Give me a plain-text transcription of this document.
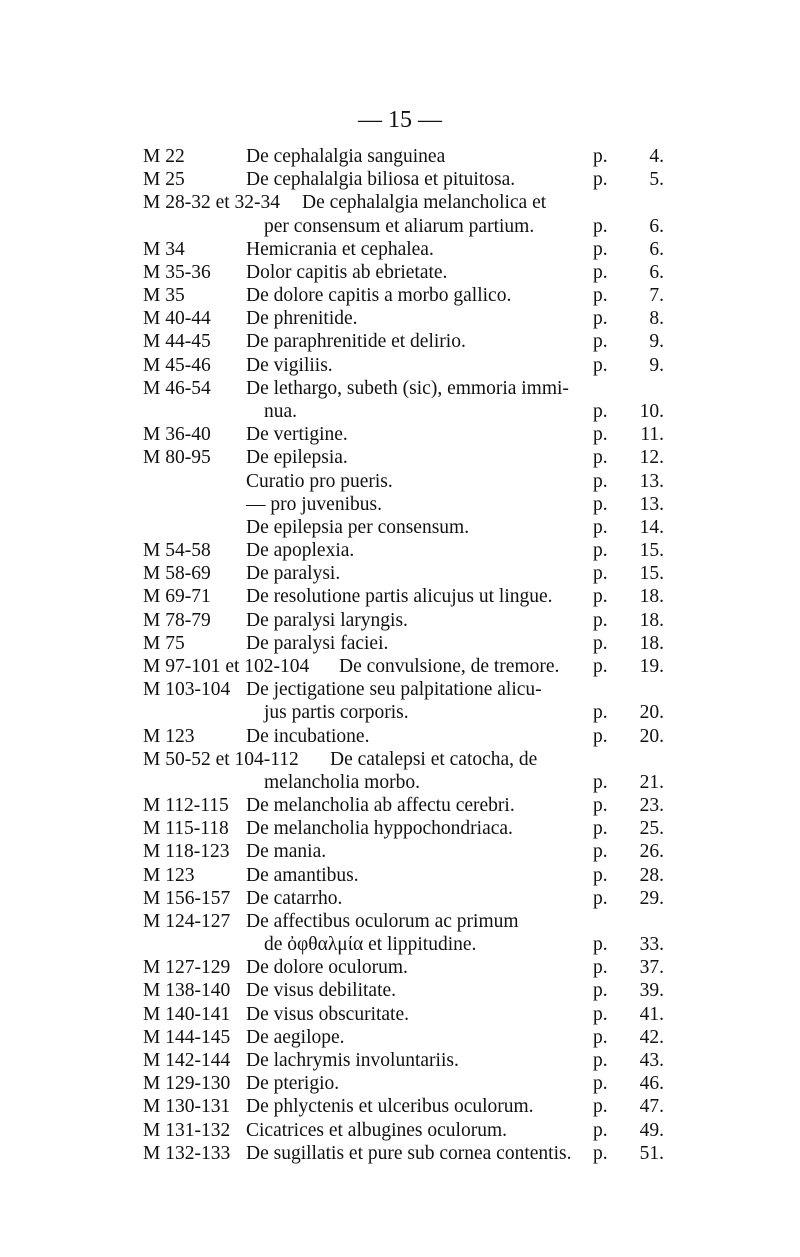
— 15 —
M 22	De cephalalgia sanguinea	p. 4.
M 25	De cephalalgia biliosa et pituitosa.	p. 5.
M 28-32 et 32-34 De cephalalgia melancholica et
per consensum et aliarum partium.	p. 6.
M 34	Hemicrania et cephalea.	p. 6.
M 35-36 Dolor capitis ab ebrietate.	p. 6.
M 35	De dolore capitis a morbo gallico.	p. 7.
M 40-44 De phrenitide.	p. 8.
M 44-45 De paraphrenitide et delirio.	p. 9.
M 45-46 De vigiliis.	p. 9.
M 46-54 De lethargo, subeth (sic), emmoria immi-
nua.	p. 10.
M 36-40 De vertigine.	p. 11.
M 80-95 De epilepsia.	p. 12.
Curatio pro pueris.	p. 13.
— pro juvenibus.	p. 13.
De epilepsia per consensum.	p. 14.
M 54-58 De apoplexia.	p. 15.
M 58-69 De paralysi.	p. 15.
M 69-71 De resolutione partis alicujus ut lingue. p. 18.
M 78-79 De paralysi laryngis.	p. 18.
M 75	De paralysi faciei.	p. 18.
M 97-101 et 102-104 De convulsione, de tremore. p. 19.
M 103-104 De jectigatione seu palpitatione alicu-
jus partis corporis.	p. 20.
M 123	De incubatione.	p. 20.
M 50-52 et 104-112 De catalepsi et catocha, de
melancholia morbo.	p. 21.
M 112-115 De melancholia ab affectu cerebri.	p. 23.
M 115-118 De melancholia hyppochondriaca.	p. 25.
M 118-123 De mania.	p. 26.
M 123	De amantibus.	p. 28.
M 156-157 De catarrho.	p. 29.
M 124-127 De affectibus oculorum ac primum
de ὀφθαλμία et lippitudine.	p. 33.
M 127-129 De dolore oculorum.	p. 37.
M 138-140 De visus debilitate.	p. 39.
M 140-141 De visus obscuritate.	p. 41.
M 144-145 De aegilope.	p. 42.
M 142-144 De lachrymis involuntariis.	p. 43.
M 129-130 De pterigio.	p. 46.
M 130-131 De phlyctenis et ulceribus oculorum.	p. 47.
M 131-132 Cicatrices et albugines oculorum.	p. 49.
M 132-133 De sugillatis et pure sub cornea contentis. p. 51.
